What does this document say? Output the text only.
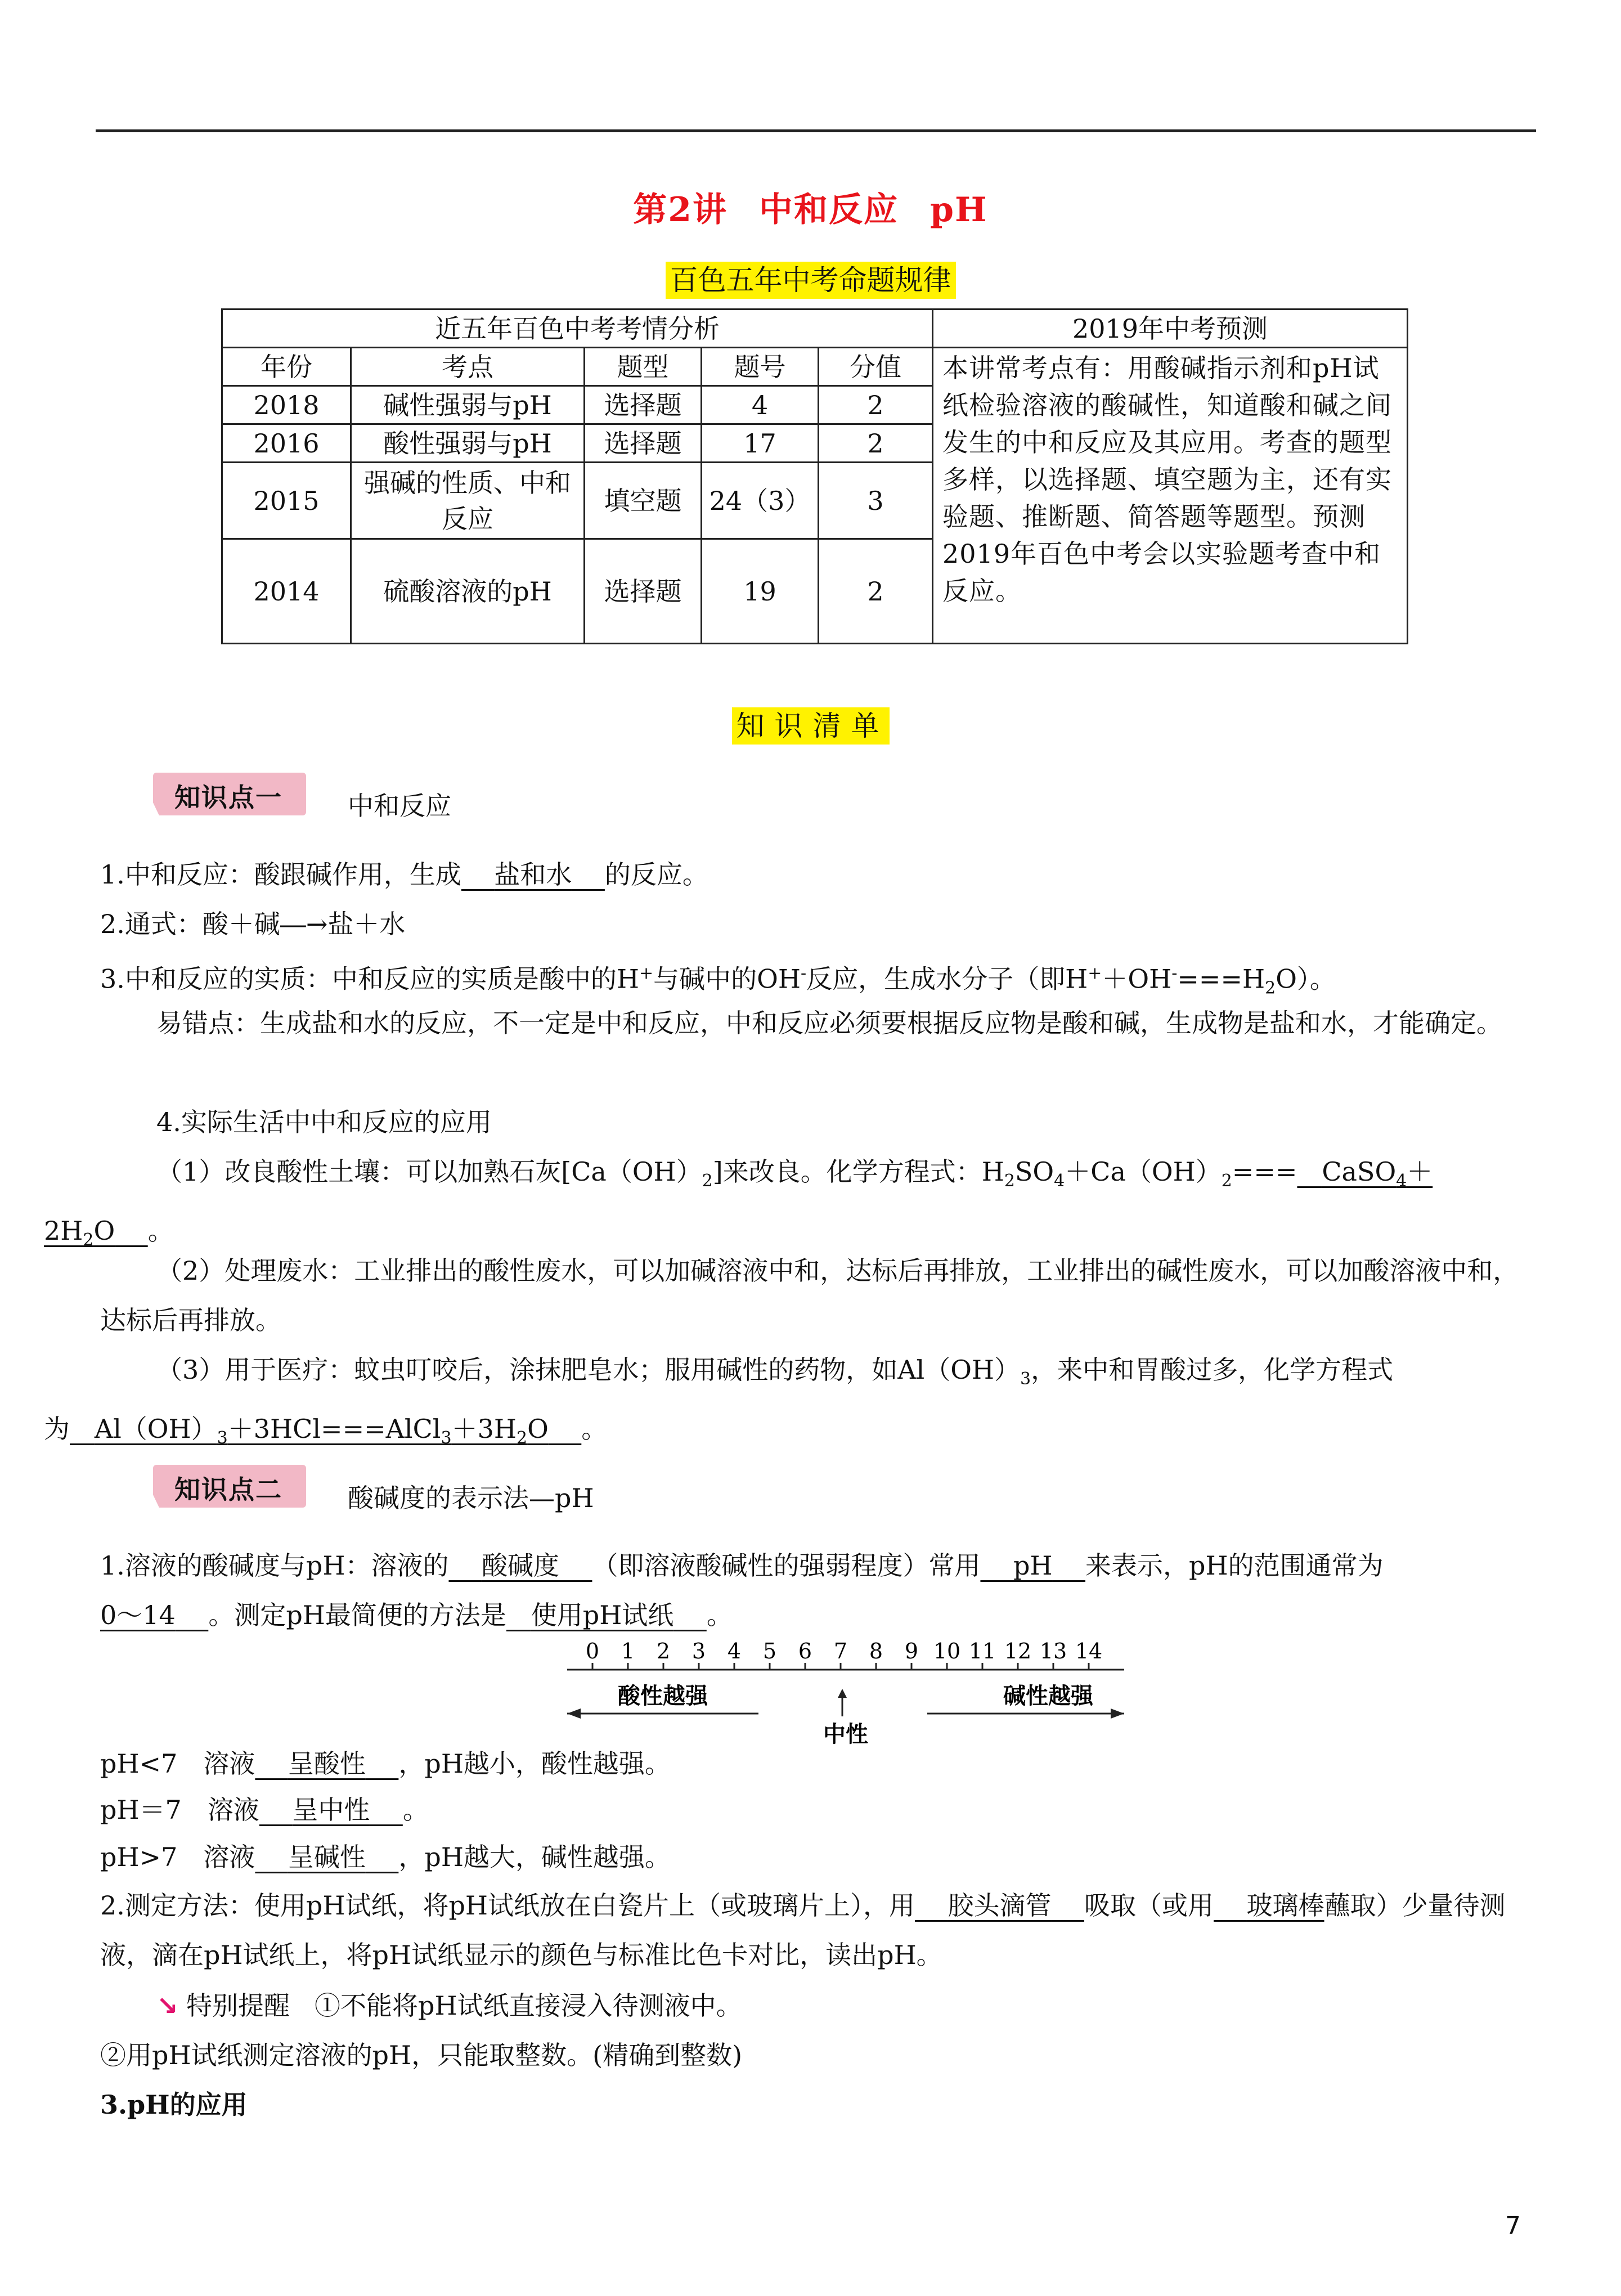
第2讲 中和反应 pH
百色五年中考命题规律
近五年百色中考考情分析					2019年中考预测
年份	考点	题型	题号	分值	本讲常考点有：用酸碱指示剂和pH试纸检验溶液的酸碱性，知道酸和碱之间发生的中和反应及其应用。考查的题型多样，以选择题、填空题为主，还有实验题、推断题、简答题等题型。预测2019年百色中考会以实验题考查中和反应。
2018	碱性强弱与pH	选择题	4	2	
2016	酸性强弱与pH	选择题	17	2	
2015	强碱的性质、中和反应	填空题	24（3）	3	
2014	硫酸溶液的pH	选择题	19	2	
知识清单
知识点一	中和反应
1.中和反应：酸跟碱作用，生成 盐和水 的反应。
2.通式：酸＋碱―→盐＋水
3.中和反应的实质：中和反应的实质是酸中的H+与碱中的OH-反应，生成水分子（即$H^++OH^-===H_2O$）。
易错点：生成盐和水的反应，不一定是中和反应，中和反应必须要根据反应物是酸和碱，生成物是盐和水，才能确定。
4.实际生活中中和反应的应用
（1）改良酸性土壤：可以加熟石灰$[Ca(OH)_2]$来改良。化学方程式：$H_2SO_4+Ca(OH)_2===$ CaSO$_4$＋
$2H_2O$ 。
（2）处理废水：工业排出的酸性废水，可以加碱溶液中和，达标后再排放，工业排出的碱性废水，可以加酸溶液中和，达标后再排放。
（3）用于医疗：蚊虫叮咬后，涂抹肥皂水；服用碱性的药物，如$Al(OH)_3$，来中和胃酸过多，化学方程式
为 $Al(OH)_3+3HCl===AlCl_3+3H_2O$ 。
知识点二	酸碱度的表示法—pH
1.溶液的酸碱度与pH：溶液的 酸碱度 （即溶液酸碱性的强弱程度）常用 pH 来表示，pH的范围通常为
0～14 。测定pH最简便的方法是 使用pH试纸 。
0 1 2 3 4 5 6 7 8 9 10 11 12 13 14
酸性越强
中性
碱性越强
pH<7　溶液 呈酸性 ，pH越小，酸性越强。
pH＝7　溶液 呈中性 。
pH>7　溶液 呈碱性 ，pH越大，碱性越强。
2.测定方法：使用pH试纸，将pH试纸放在白瓷片上（或玻璃片上），用 胶头滴管 吸取（或用 玻璃棒蘸取）少量待测液，滴在pH试纸上，将pH试纸显示的颜色与标准比色卡对比，读出pH。
↘ 特别提醒 ①不能将pH试纸直接浸入待测液中。
②用pH试纸测定溶液的pH，只能取整数。(精确到整数)
3.pH的应用
7
